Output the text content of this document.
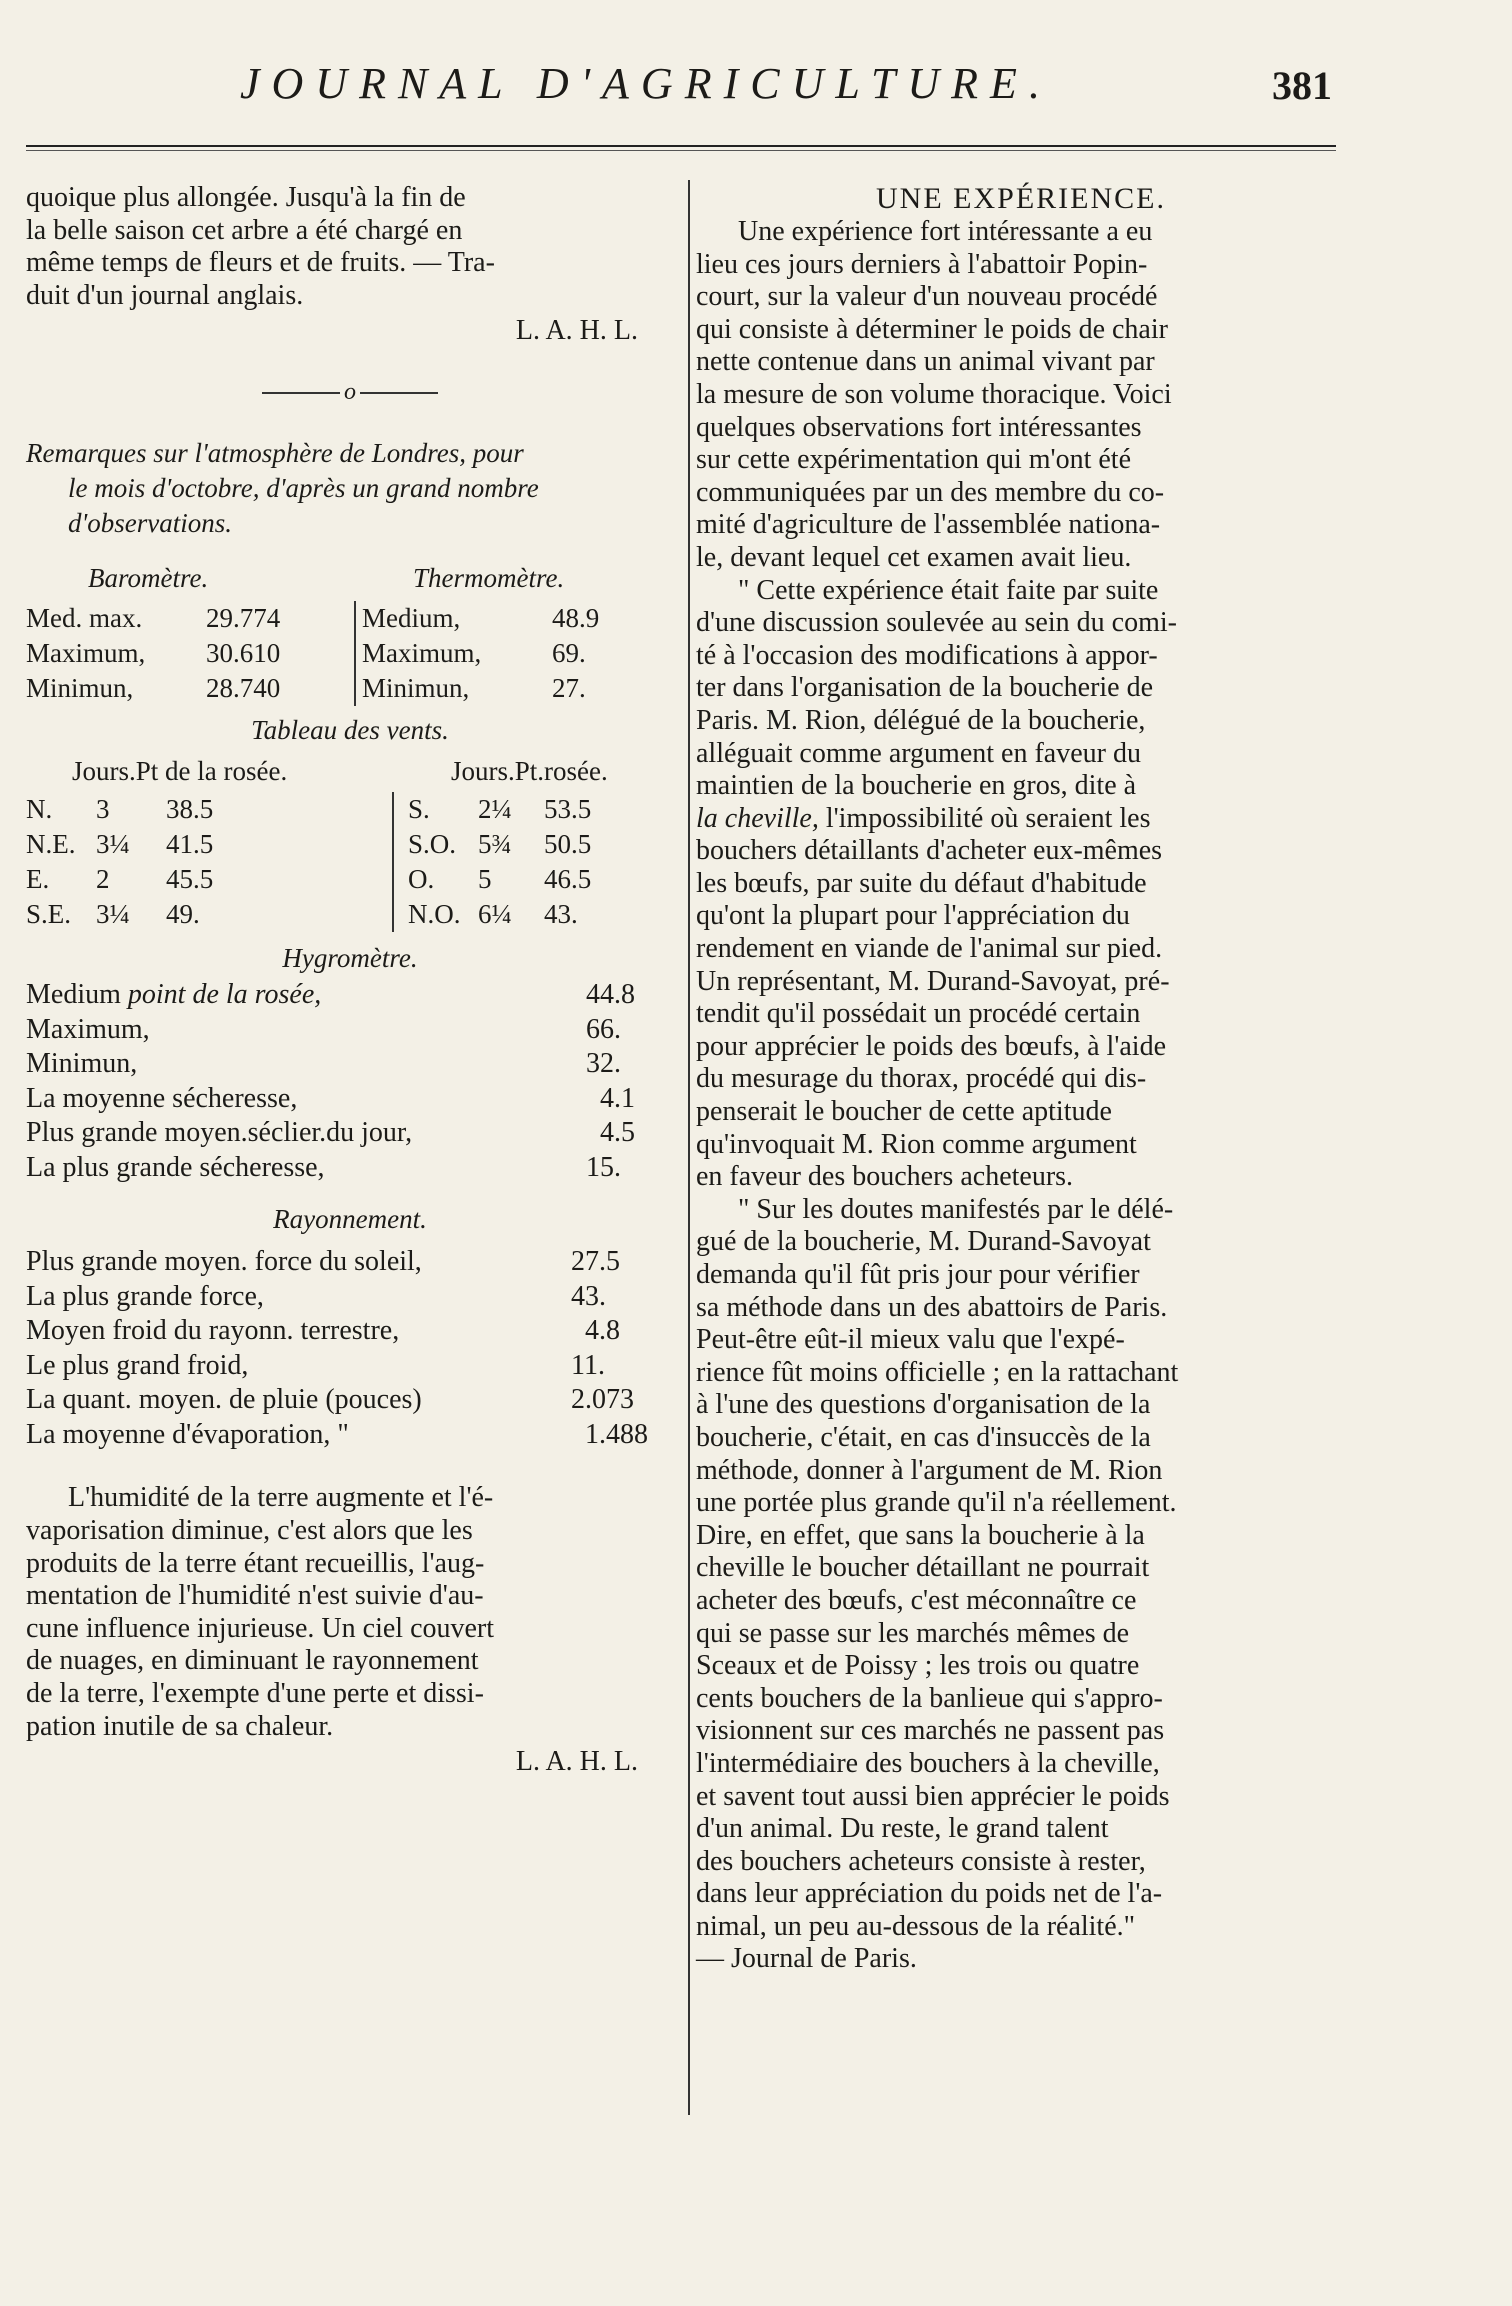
JOURNAL D'AGRICULTURE.	381
quoique plus allongée. Jusqu'à la fin de
la belle saison cet arbre a été chargé en
même temps de fleurs et de fruits. — Tra-
duit d'un journal anglais.
L. A. H. L.
o
Remarques sur l'atmosphère de Londres, pour
le mois d'octobre, d'après un grand nombre
d'observations.
Baromètre.		Thermomètre.	
Med. max.	29.774	Medium,	48.9
Maximum,	30.610	Maximum,	69.
Minimun,	28.740	Minimun,	27.
Tableau des vents.
Jours.Pt de la rosée.			Jours.Pt.rosée.		
N.	3	38.5	S.	2¼	53.5
N.E.	3¼	41.5	S.O.	5¾	50.5
E.	2	45.5	O.	5	46.5
S.E.	3¼	49.	N.O.	6¼	43.
Hygromètre.
Medium point de la rosée,	44.8
Maximum,	66.
Minimun,	32.
La moyenne sécheresse,	4.1
Plus grande moyen.séclier.du jour,	4.5
La plus grande sécheresse,	15.
Rayonnement.
Plus grande moyen. force du soleil,	27.5
La plus grande force,	43.
Moyen froid du rayonn. terrestre,	4.8
Le plus grand froid,	11.
La quant. moyen. de pluie (pouces)	2.073
La moyenne d'évaporation, "	1.488
L'humidité de la terre augmente et l'é-
vaporisation diminue, c'est alors que les
produits de la terre étant recueillis, l'aug-
mentation de l'humidité n'est suivie d'au-
cune influence injurieuse. Un ciel couvert
de nuages, en diminuant le rayonnement
de la terre, l'exempte d'une perte et dissi-
pation inutile de sa chaleur.
L. A. H. L.
UNE EXPÉRIENCE.
Une expérience fort intéressante a eu
lieu ces jours derniers à l'abattoir Popin-
court, sur la valeur d'un nouveau procédé
qui consiste à déterminer le poids de chair
nette contenue dans un animal vivant par
la mesure de son volume thoracique. Voici
quelques observations fort intéressantes
sur cette expérimentation qui m'ont été
communiquées par un des membre du co-
mité d'agriculture de l'assemblée nationa-
le, devant lequel cet examen avait lieu.
" Cette expérience était faite par suite
d'une discussion soulevée au sein du comi-
té à l'occasion des modifications à appor-
ter dans l'organisation de la boucherie de
Paris. M. Rion, délégué de la boucherie,
alléguait comme argument en faveur du
maintien de la boucherie en gros, dite à
la cheville, l'impossibilité où seraient les
bouchers détaillants d'acheter eux-mêmes
les bœufs, par suite du défaut d'habitude
qu'ont la plupart pour l'appréciation du
rendement en viande de l'animal sur pied.
Un représentant, M. Durand-Savoyat, pré-
tendit qu'il possédait un procédé certain
pour apprécier le poids des bœufs, à l'aide
du mesurage du thorax, procédé qui dis-
penserait le boucher de cette aptitude
qu'invoquait M. Rion comme argument
en faveur des bouchers acheteurs.
" Sur les doutes manifestés par le délé-
gué de la boucherie, M. Durand-Savoyat
demanda qu'il fût pris jour pour vérifier
sa méthode dans un des abattoirs de Paris.
Peut-être eût-il mieux valu que l'expé-
rience fût moins officielle ; en la rattachant
à l'une des questions d'organisation de la
boucherie, c'était, en cas d'insuccès de la
méthode, donner à l'argument de M. Rion
une portée plus grande qu'il n'a réellement.
Dire, en effet, que sans la boucherie à la
cheville le boucher détaillant ne pourrait
acheter des bœufs, c'est méconnaître ce
qui se passe sur les marchés mêmes de
Sceaux et de Poissy ; les trois ou quatre
cents bouchers de la banlieue qui s'appro-
visionnent sur ces marchés ne passent pas
l'intermédiaire des bouchers à la cheville,
et savent tout aussi bien apprécier le poids
d'un animal. Du reste, le grand talent
des bouchers acheteurs consiste à rester,
dans leur appréciation du poids net de l'a-
nimal, un peu au-dessous de la réalité."
— Journal de Paris.
